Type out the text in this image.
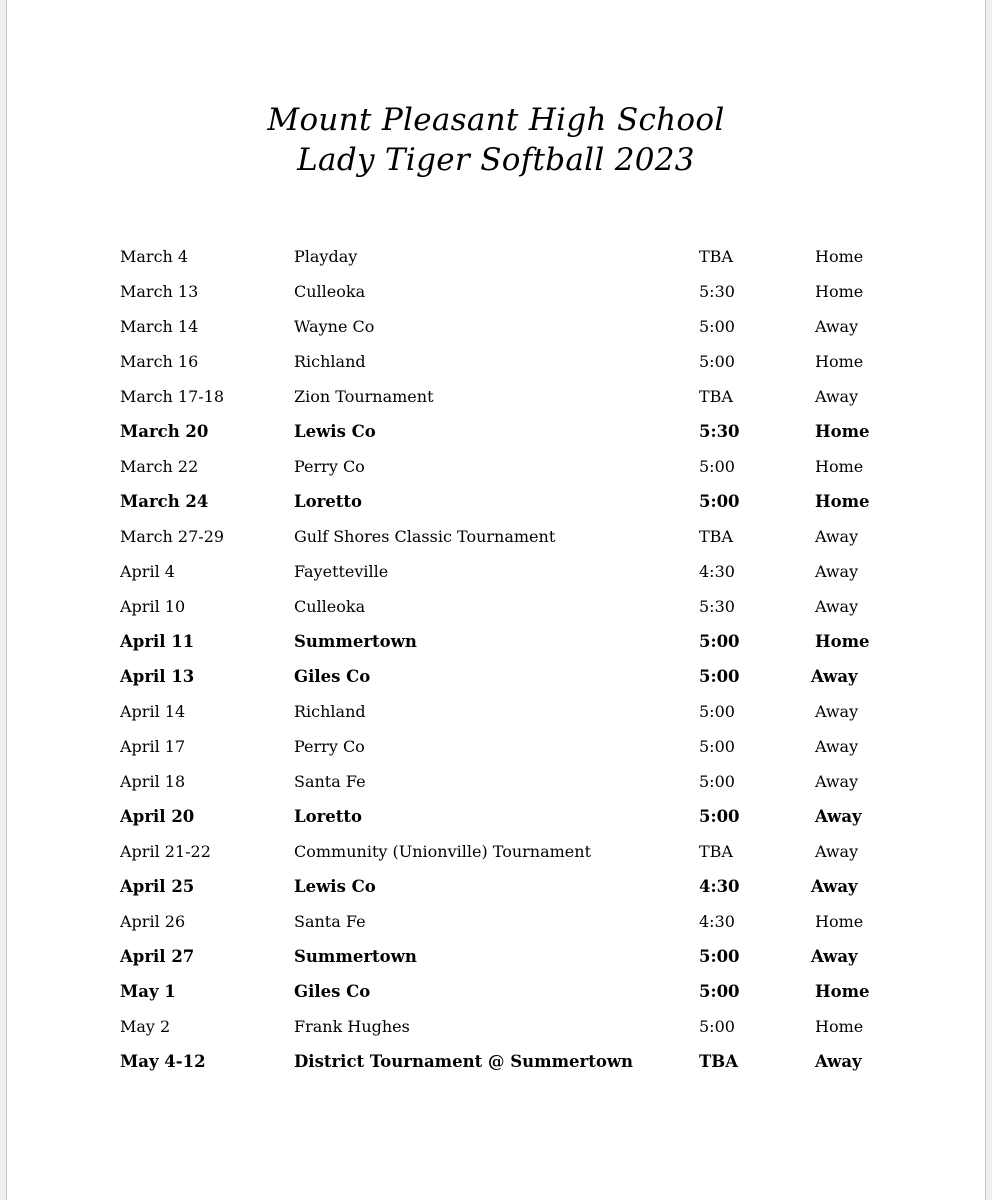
Mount Pleasant High School
Lady Tiger Softball 2023
March 4	Playday	TBA	Home
March 13	Culleoka	5:30	Home
March 14	Wayne Co	5:00	Away
March 16	Richland	5:00	Home
March 17-18	Zion Tournament	TBA	Away
March 20	Lewis Co	5:30	Home
March 22	Perry Co	5:00	Home
March 24	Loretto	5:00	Home
March 27-29	Gulf Shores Classic Tournament	TBA	Away
April 4	Fayetteville	4:30	Away
April 10	Culleoka	5:30	Away
April 11	Summertown	5:00	Home
April 13	Giles Co	5:00	Away
April 14	Richland	5:00	Away
April 17	Perry Co	5:00	Away
April 18	Santa Fe	5:00	Away
April 20	Loretto	5:00	Away
April 21-22	Community (Unionville) Tournament	TBA	Away
April 25	Lewis Co	4:30	Away
April 26	Santa Fe	4:30	Home
April 27	Summertown	5:00	Away
May 1	Giles Co	5:00	Home
May 2	Frank Hughes	5:00	Home
May 4-12	District Tournament @ Summertown	TBA	Away
